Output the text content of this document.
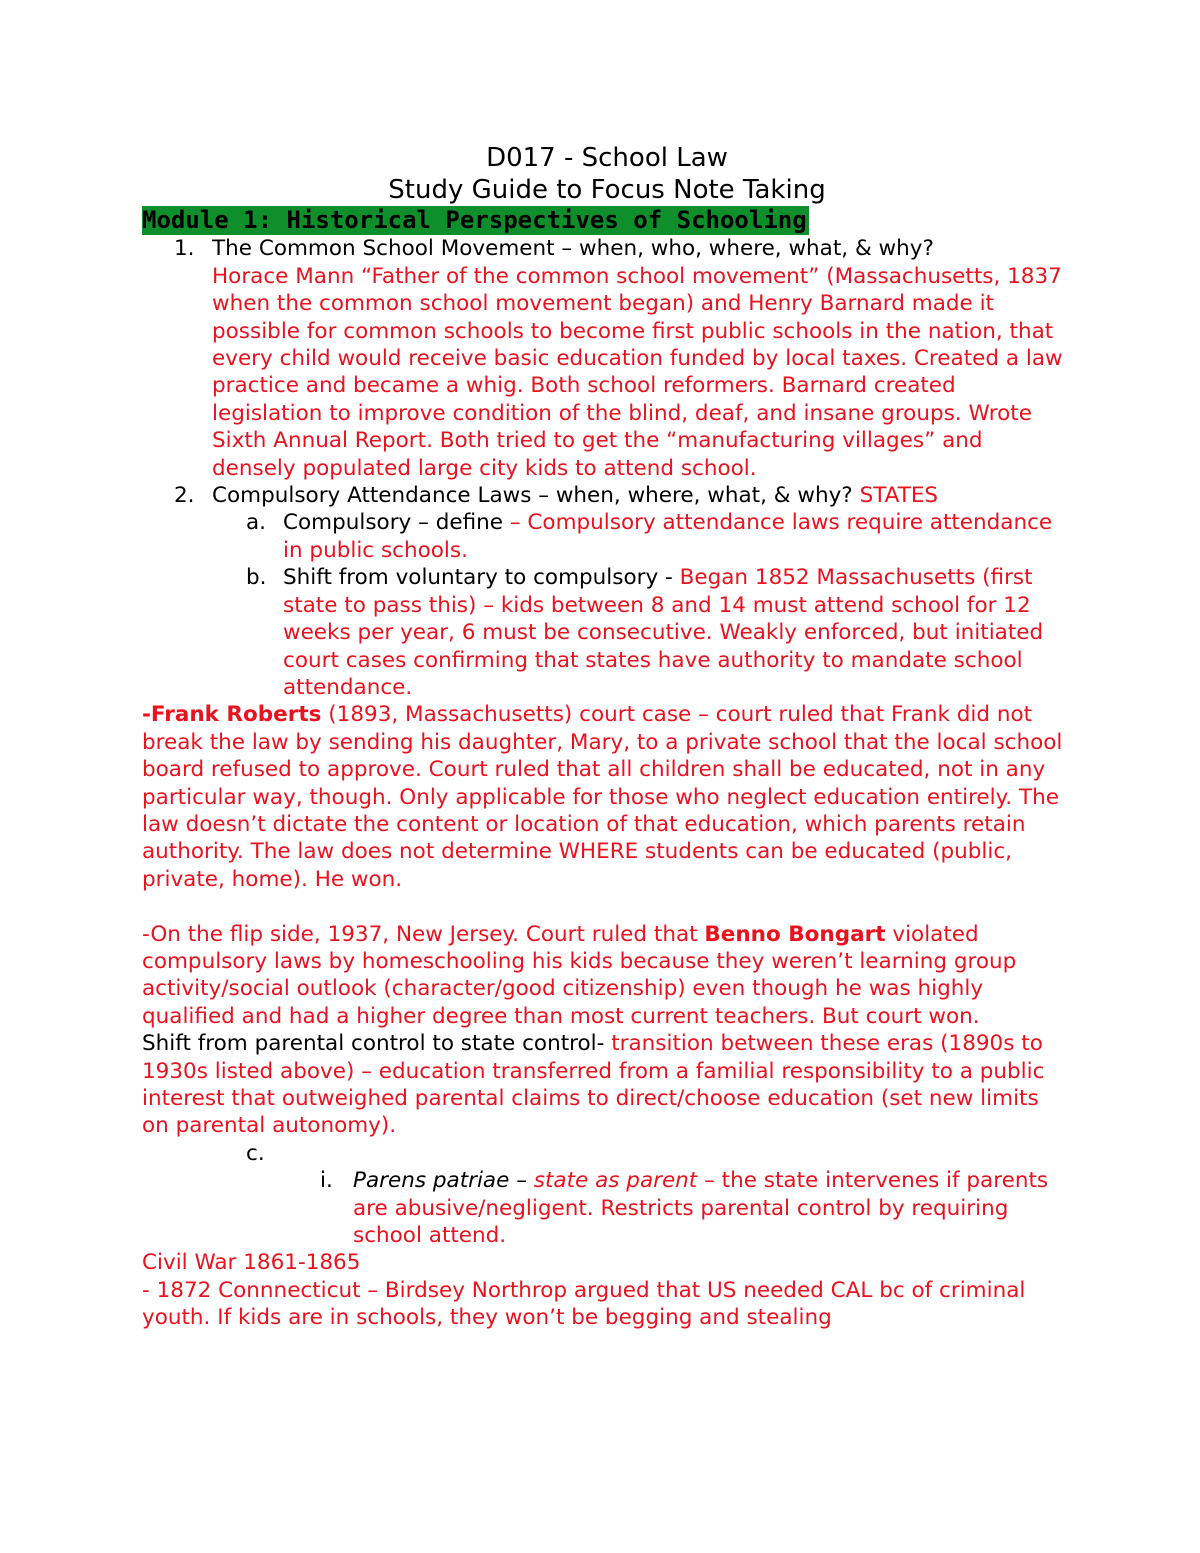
D017 - School Law
Study Guide to Focus Note Taking
Module 1: Historical Perspectives of Schooling
1. The Common School Movement – when, who, where, what, & why?
Horace Mann “Father of the common school movement” (Massachusetts, 1837 when the common school movement began) and Henry Barnard made it possible for common schools to become first public schools in the nation, that every child would receive basic education funded by local taxes. Created a law practice and became a whig. Both school reformers. Barnard created legislation to improve condition of the blind, deaf, and insane groups. Wrote Sixth Annual Report. Both tried to get the “manufacturing villages” and densely populated large city kids to attend school.
2. Compulsory Attendance Laws – when, where, what, & why? STATES
a. Compulsory – define – Compulsory attendance laws require attendance in public schools.
b. Shift from voluntary to compulsory - Began 1852 Massachusetts (first state to pass this) – kids between 8 and 14 must attend school for 12 weeks per year, 6 must be consecutive. Weakly enforced, but initiated court cases confirming that states have authority to mandate school attendance.
-Frank Roberts (1893, Massachusetts) court case – court ruled that Frank did not break the law by sending his daughter, Mary, to a private school that the local school board refused to approve. Court ruled that all children shall be educated, not in any particular way, though. Only applicable for those who neglect education entirely. The law doesn’t dictate the content or location of that education, which parents retain authority. The law does not determine WHERE students can be educated (public, private, home). He won.
-On the flip side, 1937, New Jersey. Court ruled that Benno Bongart violated compulsory laws by homeschooling his kids because they weren’t learning group activity/social outlook (character/good citizenship) even though he was highly qualified and had a higher degree than most current teachers. But court won.
Shift from parental control to state control- transition between these eras (1890s to 1930s listed above) – education transferred from a familial responsibility to a public interest that outweighed parental claims to direct/choose education (set new limits on parental autonomy).
c.
i. Parens patriae – state as parent – the state intervenes if parents are abusive/negligent. Restricts parental control by requiring school attend.
Civil War 1861-1865
- 1872 Connnecticut – Birdsey Northrop argued that US needed CAL bc of criminal youth. If kids are in schools, they won’t be begging and stealing
